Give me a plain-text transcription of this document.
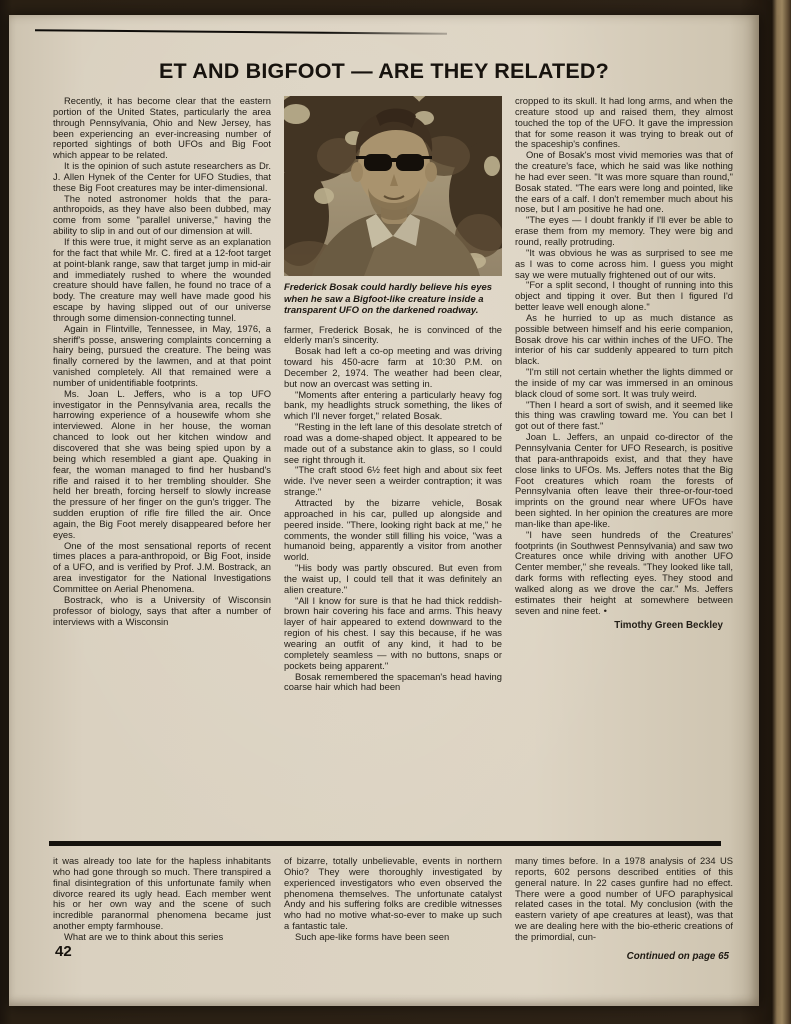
ET AND BIGFOOT — ARE THEY RELATED?

Recently, it has become clear that the eastern portion of the United States, particularly the area through Pennsylvania, Ohio and New Jersey, has been experiencing an ever-increasing number of reported sightings of both UFOs and Big Foot which appear to be related.

It is the opinion of such astute researchers as Dr. J. Allen Hynek of the Center for UFO Studies, that these Big Foot creatures may be inter-dimensional.

The noted astronomer holds that the para-anthropoids, as they have also been dubbed, may come from some "parallel universe," having the ability to slip in and out of our dimension at will.

If this were true, it might serve as an explanation for the fact that while Mr. C. fired at a 12-foot target at point-blank range, saw that target jump in mid-air and immediately rushed to where the wounded creature should have fallen, he found no trace of a body. The creature may well have made good his escape by having slipped out of our universe through some dimension-connecting tunnel.

Again in Flintville, Tennessee, in May, 1976, a sheriff's posse, answering complaints concerning a hairy being, pursued the creature. The being was finally cornered by the lawmen, and at that point vanished completely. All that remained were a number of unidentifiable footprints.

Ms. Joan L. Jeffers, who is a top UFO investigator in the Pennsylvania area, recalls the harrowing experience of a housewife whom she interviewed. Alone in her house, the woman chanced to look out her kitchen window and discovered that she was being spied upon by a being which resembled a giant ape. Quaking in fear, the woman managed to find her husband's rifle and raised it to her trembling shoulder. She held her breath, forcing herself to slowly increase the pressure of her finger on the gun's trigger. The sudden eruption of rifle fire filled the air. Once again, the Big Foot merely disappeared before her eyes.

One of the most sensational reports of recent times places a para-anthropoid, or Big Foot, inside of a UFO, and is verified by Prof. J.M. Bostrack, an area investigator for the National Investigations Committee on Aerial Phenomena.

Bostrack, who is a University of Wisconsin professor of biology, says that after a number of interviews with a Wisconsin

Frederick Bosak could hardly believe his eyes when he saw a Bigfoot-like creature inside a transparent UFO on the darkened roadway.

farmer, Frederick Bosak, he is convinced of the elderly man's sincerity.

Bosak had left a co-op meeting and was driving toward his 450-acre farm at 10:30 P.M. on December 2, 1974. The weather had been clear, but now an overcast was setting in.

"Moments after entering a particularly heavy fog bank, my headlights struck something, the likes of which I'll never forget," related Bosak.

"Resting in the left lane of this desolate stretch of road was a dome-shaped object. It appeared to be made out of a substance akin to glass, so I could see right through it.

"The craft stood 6½ feet high and about six feet wide. I've never seen a weirder contraption; it was strange."

Attracted by the bizarre vehicle, Bosak approached in his car, pulled up alongside and peered inside. "There, looking right back at me," he comments, the wonder still filling his voice, "was a humanoid being, apparently a visitor from another world.

"His body was partly obscured. But even from the waist up, I could tell that it was definitely an alien creature."

"All I know for sure is that he had thick reddish-brown hair covering his face and arms. This heavy layer of hair appeared to extend downward to the region of his chest. I say this because, if he was wearing an outfit of any kind, it had to be completely seamless — with no buttons, snaps or pockets being apparent."

Bosak remembered the spaceman's head having coarse hair which had been

cropped to its skull. It had long arms, and when the creature stood up and raised them, they almost touched the top of the UFO. It gave the impression that for some reason it was trying to break out of the spaceship's confines.

One of Bosak's most vivid memories was that of the creature's face, which he said was like nothing he had ever seen. "It was more square than round," Bosak stated. "The ears were long and pointed, like the ears of a calf. I don't remember much about his nose, but I am positive he had one.

"The eyes — I doubt frankly if I'll ever be able to erase them from my memory. They were big and round, really protruding.

"It was obvious he was as surprised to see me as I was to come across him. I guess you might say we were mutually frightened out of our wits.

"For a split second, I thought of running into this object and tipping it over. But then I figured I'd better leave well enough alone."

As he hurried to up as much distance as possible between himself and his eerie companion, Bosak drove his car within inches of the UFO. The interior of his car suddenly appeared to turn pitch black.

"I'm still not certain whether the lights dimmed or the inside of my car was immersed in an ominous black cloud of some sort. It was truly weird.

"Then I heard a sort of swish, and it seemed like this thing was crawling toward me. You can bet I got out of there fast."

Joan L. Jeffers, an unpaid co-director of the Pennsylvania Center for UFO Research, is positive that para-anthrapoids exist, and that they have close links to UFOs. Ms. Jeffers notes that the Big Foot creatures which roam the forests of Pennsylvania often leave their three-or-four-toed imprints on the ground near where UFOs have been sighted. In her opinion the creatures are more man-like than ape-like.

"I have seen hundreds of the Creatures' footprints (in Southwest Pennsylvania) and saw two Creatures once while driving with another UFO Center member," she reveals. "They looked like tall, dark forms with reflecting eyes. They stood and walked along as we drove the car." Ms. Jeffers estimates their height at somewhere between seven and nine feet. •

Timothy Green Beckley

it was already too late for the hapless inhabitants who had gone through so much. There transpired a final disintegration of this unfortunate family when divorce reared its ugly head. Each member went his or her own way and the scene of such incredible paranormal phenomena became just another empty farmhouse.

What are we to think about this series

of bizarre, totally unbelievable, events in northern Ohio? They were thoroughly investigated by experienced investigators who even observed the phenomena themselves. The unfortunate catalyst Andy and his suffering folks are credible witnesses who had no motive what-so-ever to make up such a fantastic tale.

Such ape-like forms have been seen

many times before. In a 1978 analysis of 234 US reports, 602 persons described entities of this general nature. In 22 cases gunfire had no effect. There were a good number of UFO paraphysical related cases in the total. My conclusion (with the eastern variety of ape creatures at least), was that we are dealing here with the bio-etheric creations of the primordial, cun-

Continued on page 65
42
